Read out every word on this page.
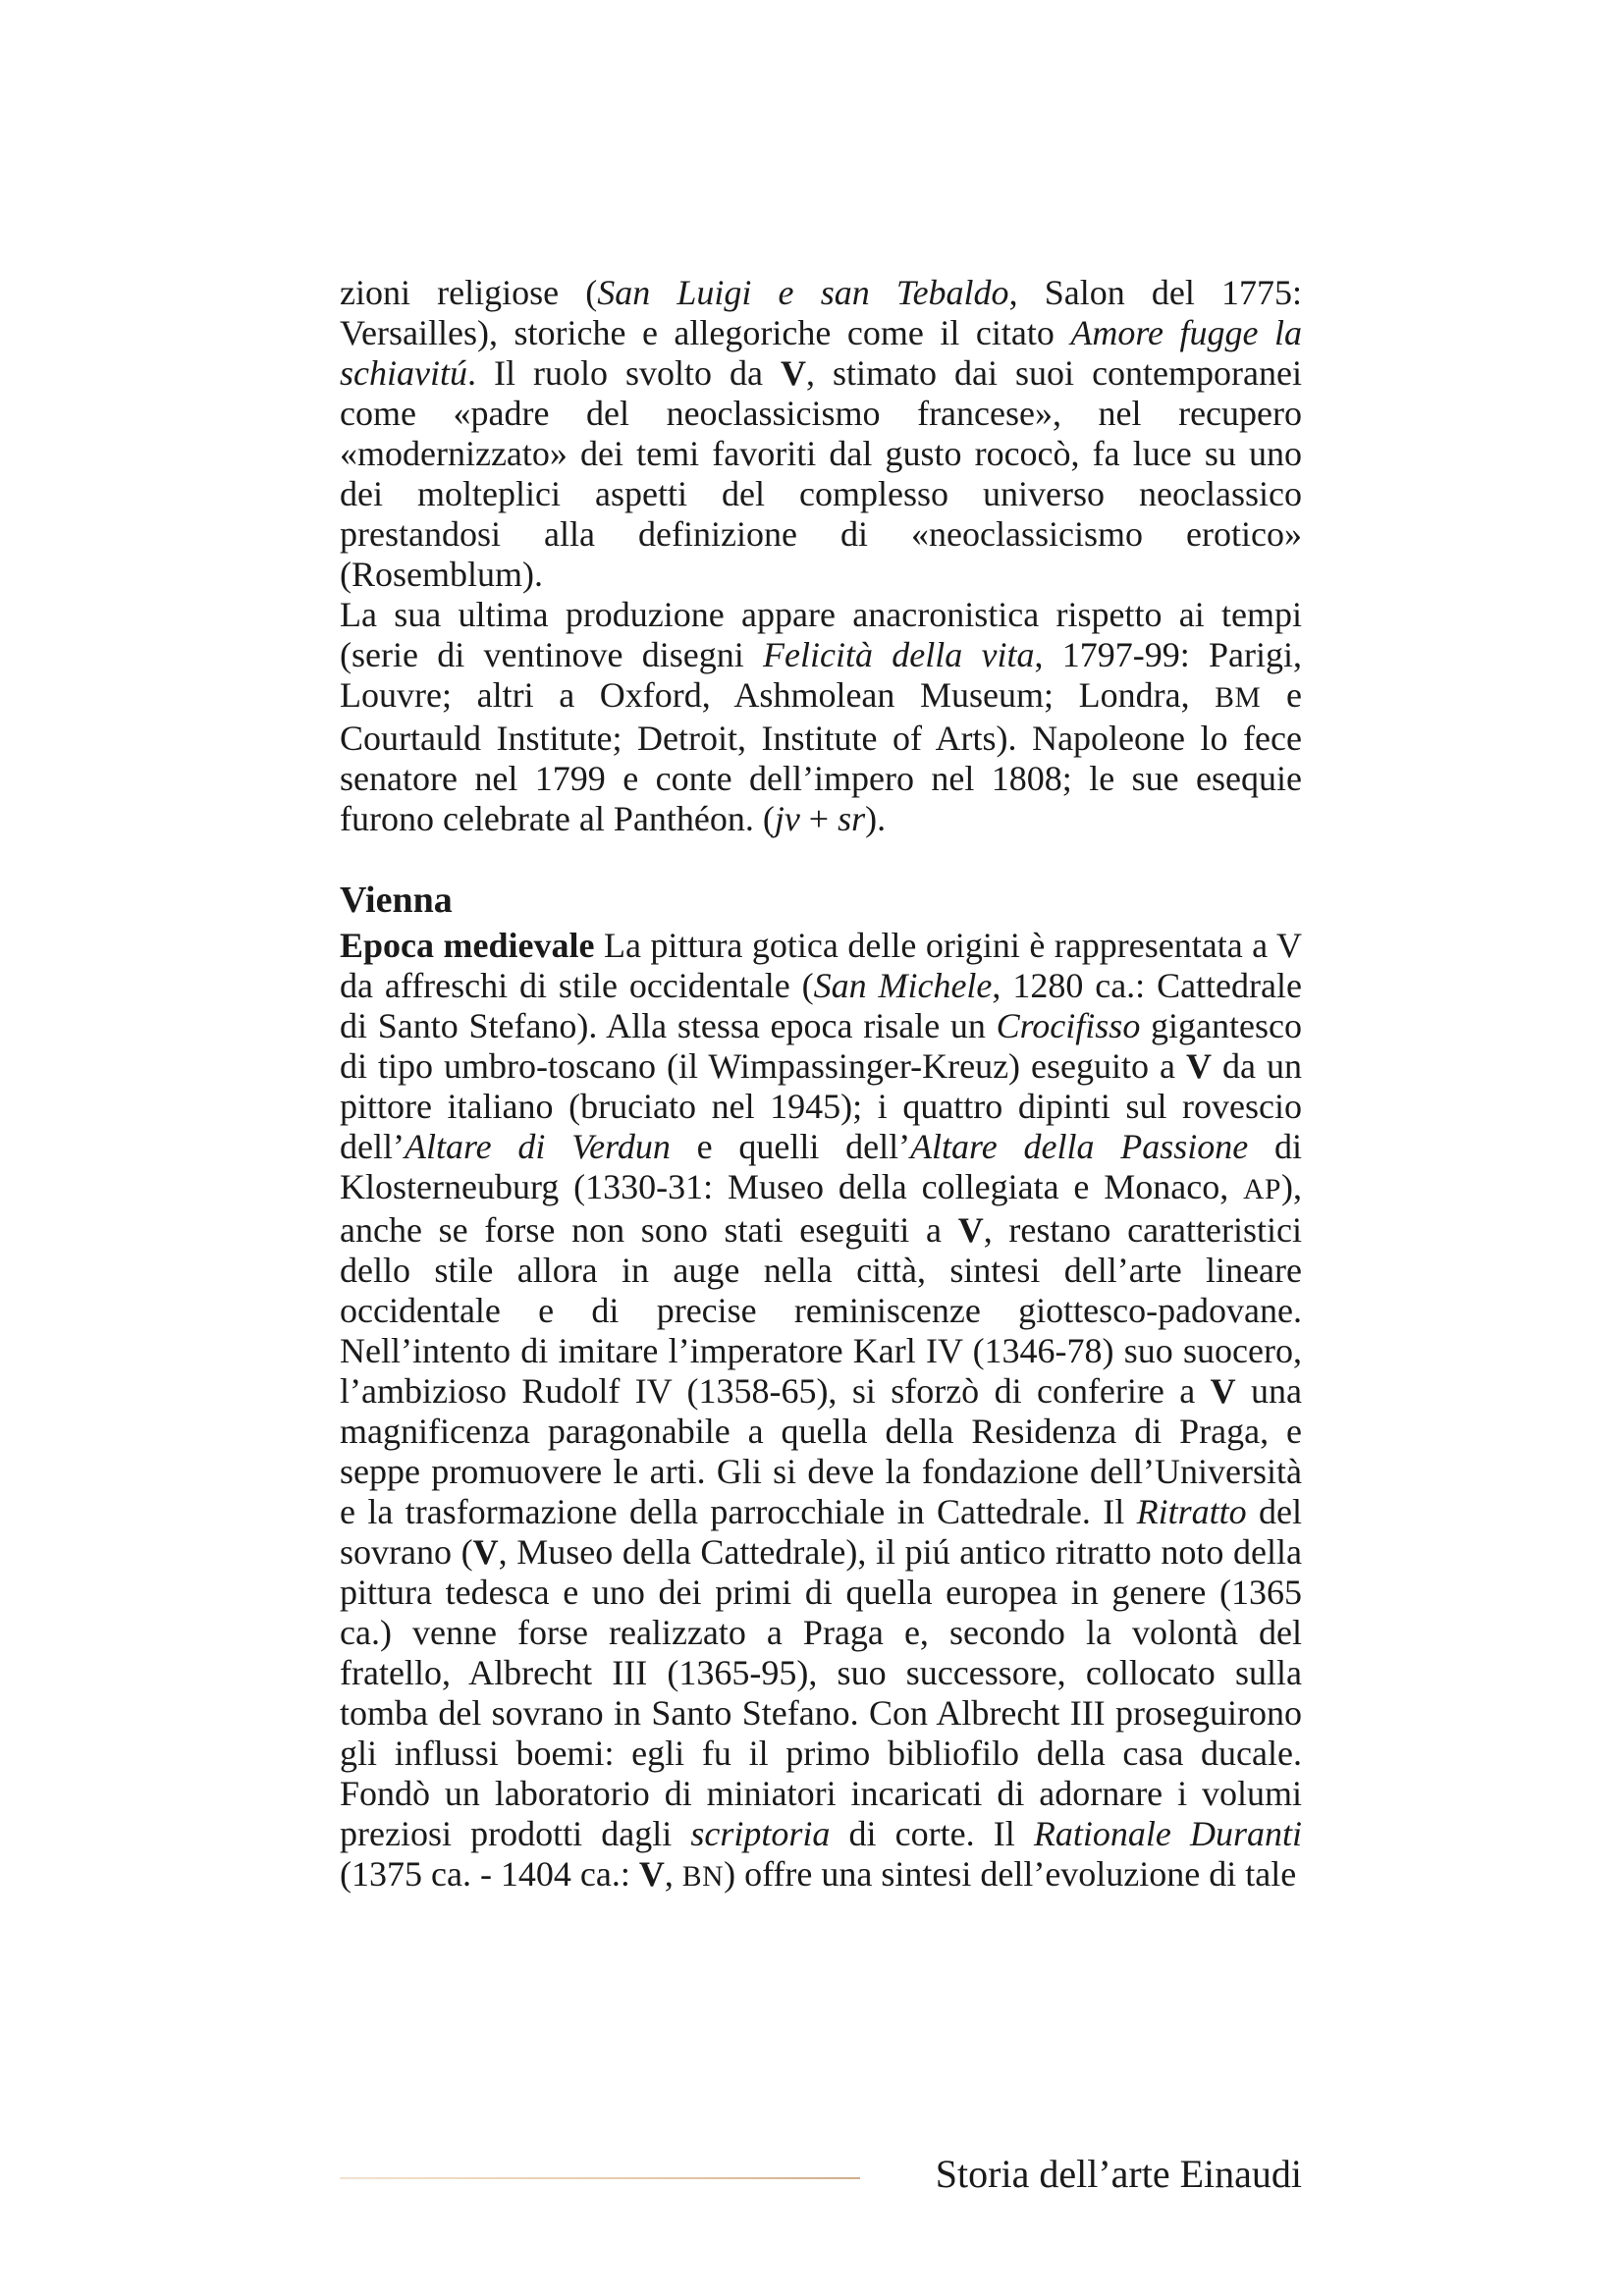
zioni religiose (San Luigi e san Tebaldo, Salon del 1775: Versailles), storiche e allegoriche come il citato Amore fugge la schiavitú. Il ruolo svolto da V, stimato dai suoi contemporanei come «padre del neoclassicismo francese», nel recupero «modernizzato» dei temi favoriti dal gusto rococò, fa luce su uno dei molteplici aspetti del complesso universo neoclassico prestandosi alla definizione di «neoclassicismo erotico» (Rosemblum).

La sua ultima produzione appare anacronistica rispetto ai tempi (serie di ventinove disegni Felicità della vita, 1797-99: Parigi, Louvre; altri a Oxford, Ashmolean Museum; Londra, BM e Courtauld Institute; Detroit, Institute of Arts). Napoleone lo fece senatore nel 1799 e conte dell’impero nel 1808; le sue esequie furono celebrate al Panthéon. (jv + sr).

Vienna

Epoca medievale La pittura gotica delle origini è rappresentata a V da affreschi di stile occidentale (San Michele, 1280 ca.: Cattedrale di Santo Stefano). Alla stessa epoca risale un Crocifisso gigantesco di tipo umbro-toscano (il Wimpassinger-Kreuz) eseguito a V da un pittore italiano (bruciato nel 1945); i quattro dipinti sul rovescio dell’Altare di Verdun e quelli dell’Altare della Passione di Klosterneuburg (1330-31: Museo della collegiata e Monaco, AP), anche se forse non sono stati eseguiti a V, restano caratteristici dello stile allora in auge nella città, sintesi dell’arte lineare occidentale e di precise reminiscenze giottesco-padovane. Nell’intento di imitare l’imperatore Karl IV (1346-78) suo suocero, l’ambizioso Rudolf IV (1358-65), si sforzò di conferire a V una magnificenza paragonabile a quella della Residenza di Praga, e seppe promuovere le arti. Gli si deve la fondazione dell’Università e la trasformazione della parrocchiale in Cattedrale. Il Ritratto del sovrano (V, Museo della Cattedrale), il piú antico ritratto noto della pittura tedesca e uno dei primi di quella europea in genere (1365 ca.) venne forse realizzato a Praga e, secondo la volontà del fratello, Albrecht III (1365-95), suo successore, collocato sulla tomba del sovrano in Santo Stefano. Con Albrecht III proseguirono gli influssi boemi: egli fu il primo bibliofilo della casa ducale. Fondò un laboratorio di miniatori incaricati di adornare i volumi preziosi prodotti dagli scriptoria di corte. Il Rationale Duranti (1375 ca. - 1404 ca.: V, BN) offre una sintesi dell’evoluzione di tale

Storia dell’arte Einaudi
